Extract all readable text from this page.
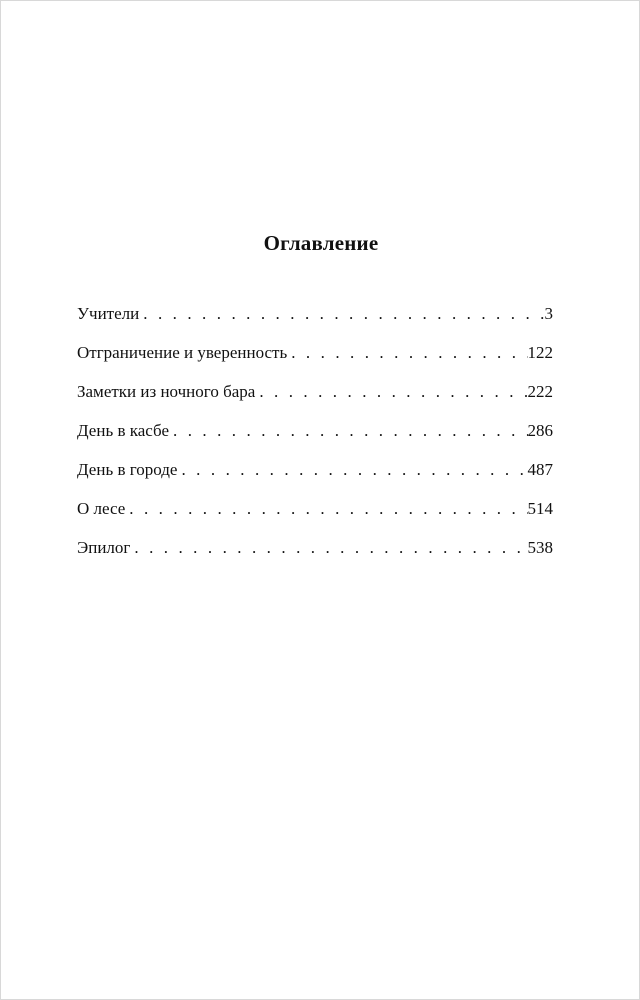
Оглавление
Учители . . .	3
Отграничение и уверенность . . .	122
Заметки из ночного бара . . .	222
День в касбе . . .	286
День в городе . . .	487
О лесе . . .	514
Эпилог . . .	538
